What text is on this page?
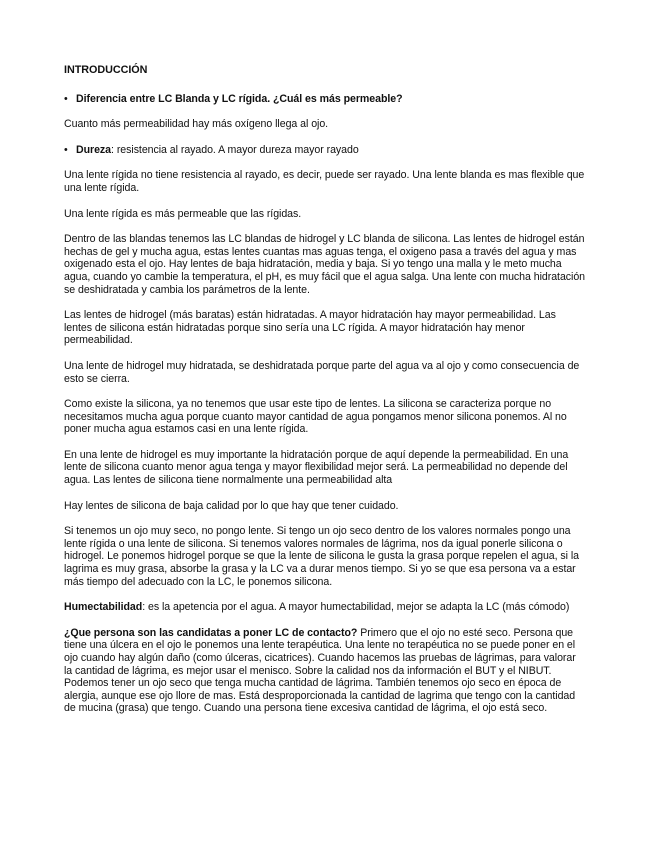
INTRODUCCIÓN
• Diferencia entre LC Blanda y LC rígida. ¿Cuál es más permeable?

Cuanto más permeabilidad hay más oxígeno llega al ojo.

• Dureza: resistencia al rayado. A mayor dureza mayor rayado

Una lente rígida no tiene resistencia al rayado, es decir, puede ser rayado. Una lente blanda es mas flexible que una lente rígida.

Una lente rígida es más permeable que las rígidas.

Dentro de las blandas tenemos las LC blandas de hidrogel y LC blanda de silicona. Las lentes de hidrogel están hechas de gel y mucha agua, estas lentes cuantas mas aguas tenga, el oxigeno pasa a través del agua y mas oxigenado esta el ojo. Hay lentes de baja hidratación, media y baja. Si yo tengo una malla y le meto mucha agua, cuando yo cambie la temperatura, el pH, es muy fácil que el agua salga. Una lente con mucha hidratación se deshidratada y cambia los parámetros de la lente.

Las lentes de hidrogel (más baratas) están hidratadas. A mayor hidratación hay mayor permeabilidad. Las lentes de silicona están hidratadas porque sino sería una LC rígida. A mayor hidratación hay menor permeabilidad.

Una lente de hidrogel muy hidratada, se deshidratada porque parte del agua va al ojo y como consecuencia de esto se cierra.

Como existe la silicona, ya no tenemos que usar este tipo de lentes. La silicona se caracteriza porque no necesitamos mucha agua porque cuanto mayor cantidad de agua pongamos menor silicona ponemos. Al no poner mucha agua estamos casi en una lente rígida.

En una lente de hidrogel es muy importante la hidratación porque de aquí depende la permeabilidad. En una lente de silicona cuanto menor agua tenga y mayor flexibilidad mejor será. La permeabilidad no depende del agua. Las lentes de silicona tiene normalmente una permeabilidad alta

Hay lentes de silicona de baja calidad por lo que hay que tener cuidado.

Si tenemos un ojo muy seco, no pongo lente. Si tengo un ojo seco dentro de los valores normales pongo una lente rígida o una lente de silicona. Si tenemos valores normales de lágrima, nos da igual ponerle silicona o hidrogel. Le ponemos hidrogel porque se que la lente de silicona le gusta la grasa porque repelen el agua, si la lagrima es muy grasa, absorbe la grasa y la LC va a durar menos tiempo. Si yo se que esa persona va a estar más tiempo del adecuado con la LC, le ponemos silicona.

Humectabilidad: es la apetencia por el agua. A mayor humectabilidad, mejor se adapta la LC (más cómodo)

¿Que persona son las candidatas a poner LC de contacto? Primero que el ojo no esté seco. Persona que tiene una úlcera en el ojo le ponemos una lente terapéutica. Una lente no terapéutica no se puede poner en el ojo cuando hay algún daño (como úlceras, cicatrices). Cuando hacemos las pruebas de lágrimas, para valorar la cantidad de lágrima, es mejor usar el menisco. Sobre la calidad nos da información el BUT y el NIBUT. Podemos tener un ojo seco que tenga mucha cantidad de lágrima. También tenemos ojo seco en época de alergia, aunque ese ojo llore de mas. Está desproporcionada la cantidad de lagrima que tengo con la cantidad de mucina (grasa) que tengo. Cuando una persona tiene excesiva cantidad de lágrima, el ojo está seco.
